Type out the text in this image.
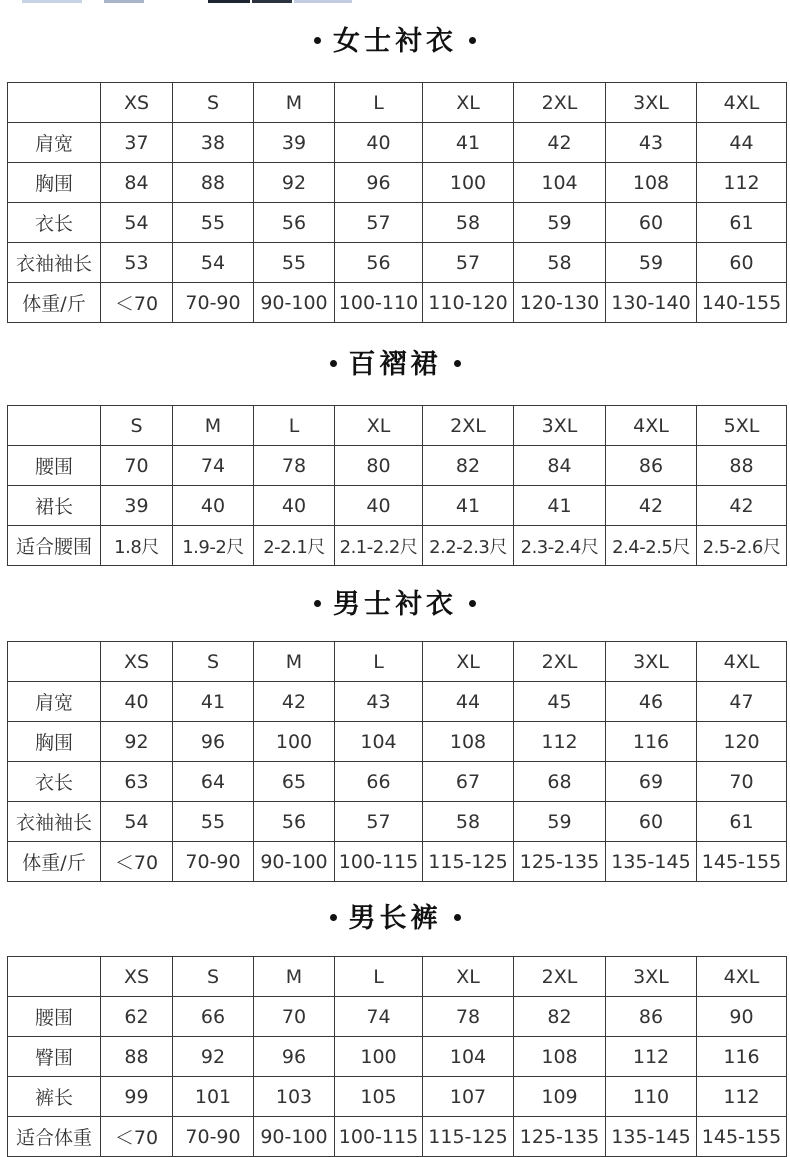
女士衬衣
	XS	S	M	L	XL	2XL	3XL	4XL
肩宽	37	38	39	40	41	42	43	44
胸围	84	88	92	96	100	104	108	112
衣长	54	55	56	57	58	59	60	61
衣袖袖长	53	54	55	56	57	58	59	60
体重/斤	＜70	70-90	90-100	100-110	110-120	120-130	130-140	140-155
百褶裙
	S	M	L	XL	2XL	3XL	4XL	5XL
腰围	70	74	78	80	82	84	86	88
裙长	39	40	40	40	41	41	42	42
适合腰围	1.8尺	1.9-2尺	2-2.1尺	2.1-2.2尺	2.2-2.3尺	2.3-2.4尺	2.4-2.5尺	2.5-2.6尺
男士衬衣
	XS	S	M	L	XL	2XL	3XL	4XL
肩宽	40	41	42	43	44	45	46	47
胸围	92	96	100	104	108	112	116	120
衣长	63	64	65	66	67	68	69	70
衣袖袖长	54	55	56	57	58	59	60	61
体重/斤	＜70	70-90	90-100	100-115	115-125	125-135	135-145	145-155
男长裤
	XS	S	M	L	XL	2XL	3XL	4XL
腰围	62	66	70	74	78	82	86	90
臀围	88	92	96	100	104	108	112	116
裤长	99	101	103	105	107	109	110	112
适合体重	＜70	70-90	90-100	100-115	115-125	125-135	135-145	145-155
